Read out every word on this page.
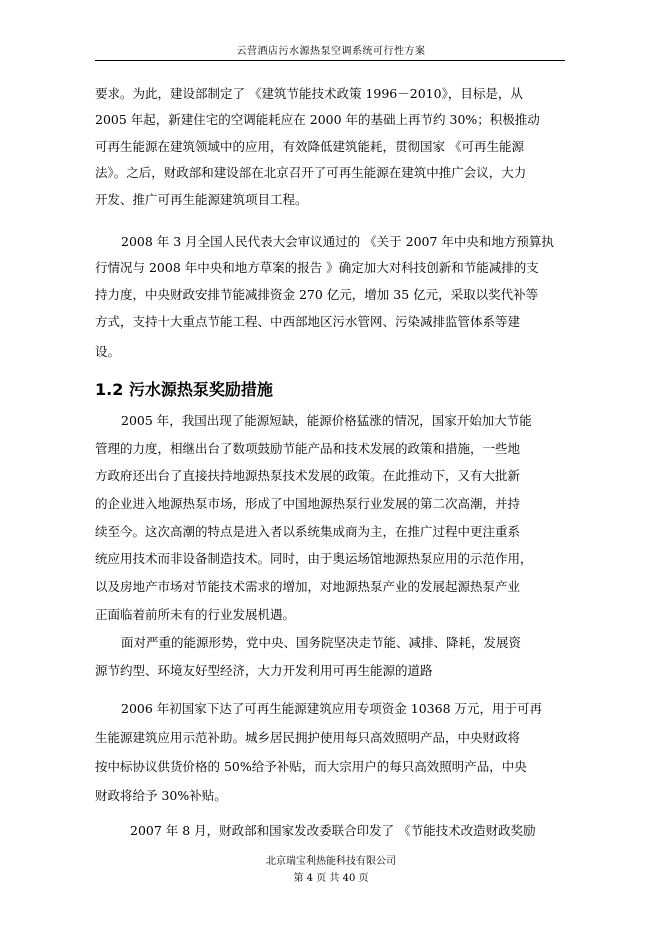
云营酒店污水源热泵空调系统可行性方案
要求。为此，建设部制定了 《建筑节能技术政策 1996－2010》，目标是，从
2005 年起，新建住宅的空调能耗应在 2000 年的基础上再节约 30%；积极推动
可再生能源在建筑领域中的应用，有效降低建筑能耗，贯彻国家 《可再生能源
法》。之后，财政部和建设部在北京召开了可再生能源在建筑中推广会议，大力
开发、推广可再生能源建筑项目工程。
2008 年 3 月全国人民代表大会审议通过的 《关于 2007 年中央和地方预算执
行情况与 2008 年中央和地方草案的报告 》确定加大对科技创新和节能减排的支
持力度，中央财政安排节能减排资金 270 亿元，增加 35 亿元，采取以奖代补等
方式，支持十大重点节能工程、中西部地区污水管网、污染减排监管体系等建
设。
1.2 污水源热泵奖励措施
2005 年，我国出现了能源短缺，能源价格猛涨的情况，国家开始加大节能
管理的力度，相继出台了数项鼓励节能产品和技术发展的政策和措施，一些地
方政府还出台了直接扶持地源热泵技术发展的政策。在此推动下，又有大批新
的企业进入地源热泵市场，形成了中国地源热泵行业发展的第二次高潮，并持
续至今。这次高潮的特点是进入者以系统集成商为主，在推广过程中更注重系
统应用技术而非设备制造技术。同时，由于奥运场馆地源热泵应用的示范作用，
以及房地产市场对节能技术需求的增加，对地源热泵产业的发展起源热泵产业
正面临着前所未有的行业发展机遇。
面对严重的能源形势，党中央、国务院坚决走节能、减排、降耗，发展资
源节约型、环境友好型经济，大力开发利用可再生能源的道路
2006 年初国家下达了可再生能源建筑应用专项资金 10368 万元，用于可再
生能源建筑应用示范补助。城乡居民拥护使用每只高效照明产品，中央财政将
按中标协议供货价格的 50%给予补贴，而大宗用户的每只高效照明产品，中央
财政将给予 30%补贴。
2007 年 8 月，财政部和国家发改委联合印发了 《节能技术改造财政奖励
北京瑞宝利热能科技有限公司
第 4 页 共 40 页
